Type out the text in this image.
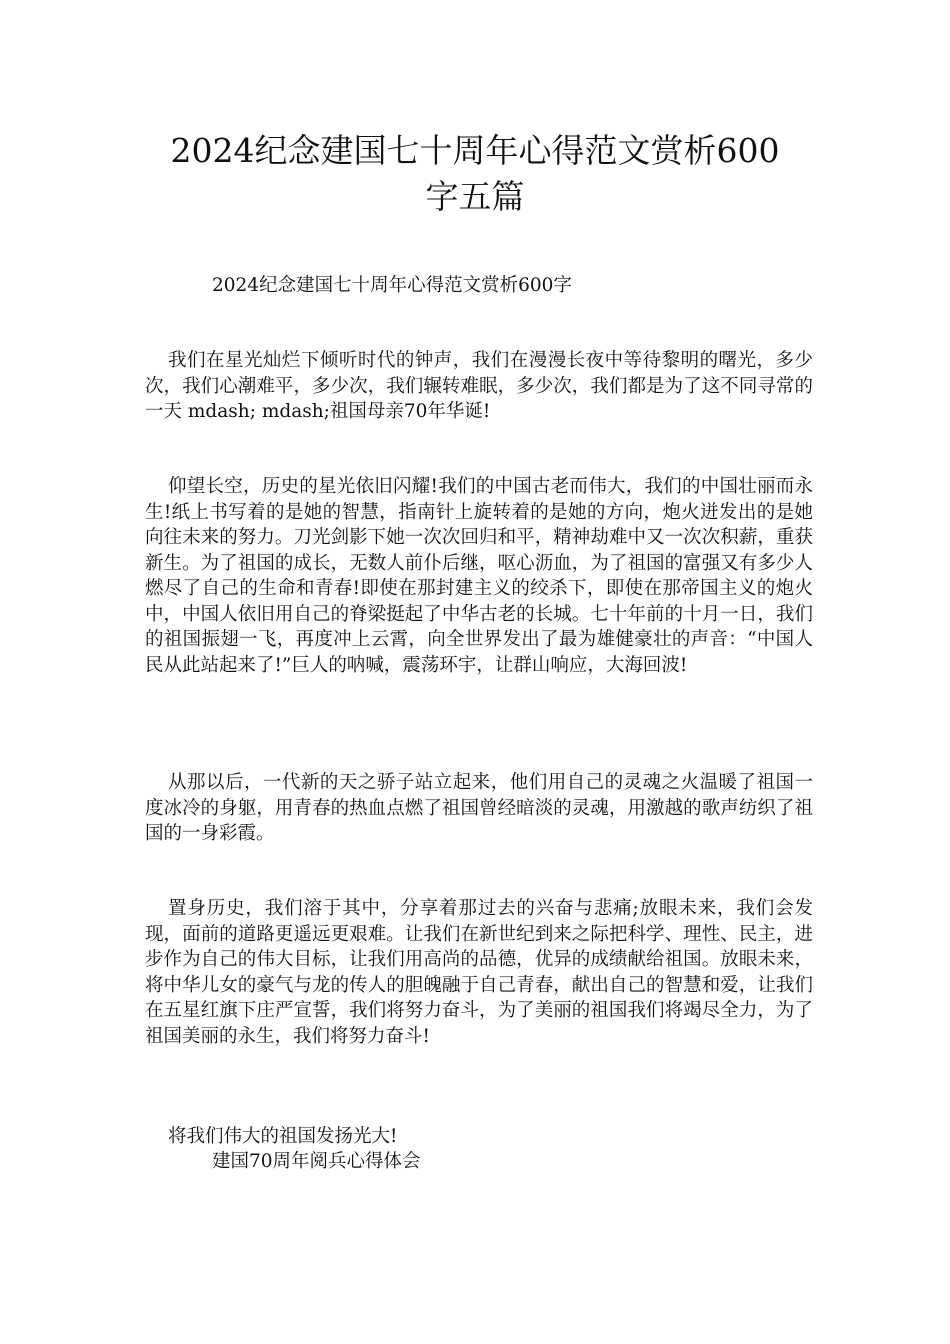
2024纪念建国七十周年心得范文赏析600
字五篇
2024纪念建国七十周年心得范文赏析600字

我们在星光灿烂下倾听时代的钟声，我们在漫漫长夜中等待黎明的曙光，多少次，我们心潮难平，多少次，我们辗转难眠，多少次，我们都是为了这不同寻常的一天 mdash; mdash;祖国母亲70年华诞!

仰望长空，历史的星光依旧闪耀!我们的中国古老而伟大，我们的中国壮丽而永生!纸上书写着的是她的智慧，指南针上旋转着的是她的方向，炮火迸发出的是她向往未来的努力。刀光剑影下她一次次回归和平，精神劫难中又一次次积薪，重获新生。为了祖国的成长，无数人前仆后继，呕心沥血，为了祖国的富强又有多少人燃尽了自己的生命和青春!即使在那封建主义的绞杀下，即使在那帝国主义的炮火中，中国人依旧用自己的脊梁挺起了中华古老的长城。七十年前的十月一日，我们的祖国振翅一飞，再度冲上云霄，向全世界发出了最为雄健豪壮的声音：“中国人民从此站起来了!”巨人的呐喊，震荡环宇，让群山响应，大海回波!

从那以后，一代新的天之骄子站立起来，他们用自己的灵魂之火温暖了祖国一度冰冷的身躯，用青春的热血点燃了祖国曾经暗淡的灵魂，用激越的歌声纺织了祖国的一身彩霞。

置身历史，我们溶于其中，分享着那过去的兴奋与悲痛;放眼未来，我们会发现，面前的道路更遥远更艰难。让我们在新世纪到来之际把科学、理性、民主，进步作为自己的伟大目标，让我们用高尚的品德，优异的成绩献给祖国。放眼未来，将中华儿女的豪气与龙的传人的胆魄融于自己青春，献出自己的智慧和爱，让我们在五星红旗下庄严宣誓，我们将努力奋斗，为了美丽的祖国我们将竭尽全力，为了祖国美丽的永生，我们将努力奋斗!

将我们伟大的祖国发扬光大!
建国70周年阅兵心得体会
